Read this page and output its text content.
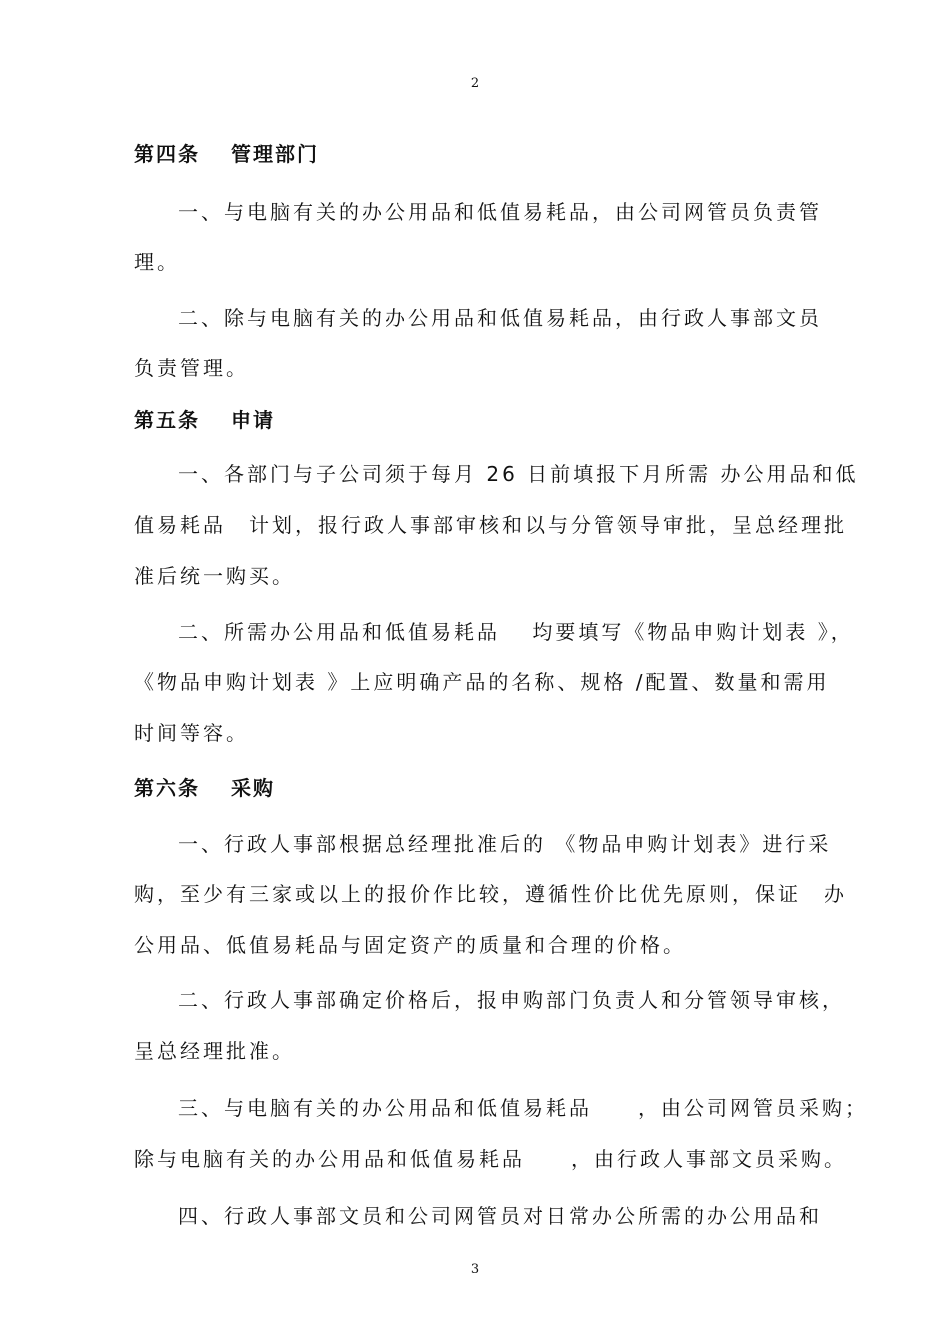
2
第四条　 管理部门
一、与电脑有关的办公用品和低值易耗品，由公司网管员负责管
理。
二、除与电脑有关的办公用品和低值易耗品，由行政人事部文员
负责管理。
第五条　 申请
一、各部门与子公司须于每月 26 日前填报下月所需 办公用品和低
值易耗品　计划，报行政人事部审核和以与分管领导审批，呈总经理批
准后统一购买。
二、所需办公用品和低值易耗品　 均要填写《物品申购计划表 》，
《物品申购计划表 》上应明确产品的名称、规格 /配置、数量和需用
时间等容。
第六条　 采购
一、行政人事部根据总经理批准后的 《物品申购计划表》进行采
购，至少有三家或以上的报价作比较，遵循性价比优先原则，保证　办
公用品、低值易耗品与固定资产的质量和合理的价格。
二、行政人事部确定价格后，报申购部门负责人和分管领导审核，
呈总经理批准。
三、与电脑有关的办公用品和低值易耗品　　，由公司网管员采购；
除与电脑有关的办公用品和低值易耗品　　，由行政人事部文员采购。
四、行政人事部文员和公司网管员对日常办公所需的办公用品和
3
